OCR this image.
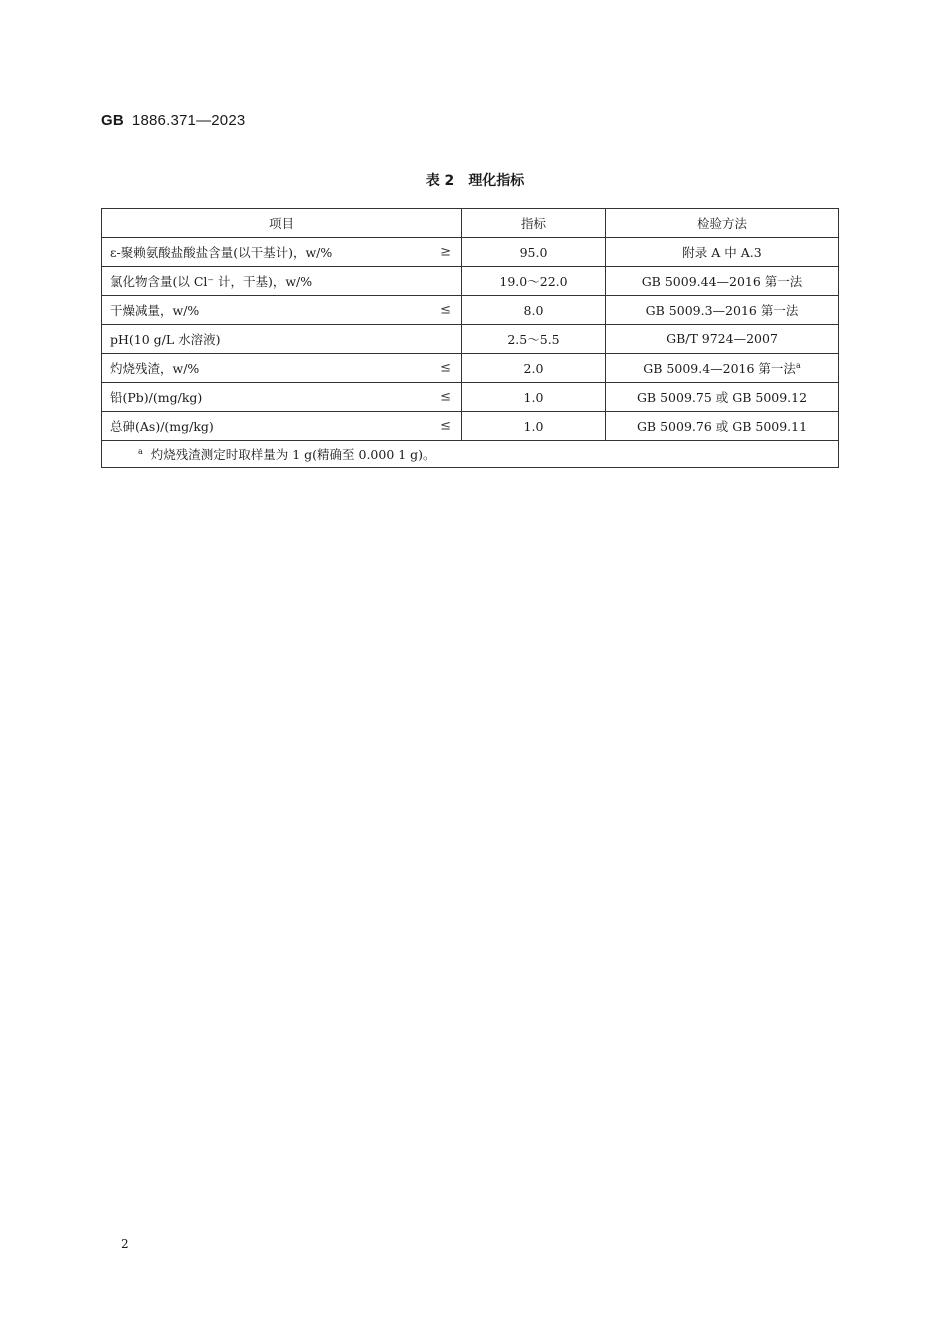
GB 1886.371—2023
表 2 理化指标
项目	指标	检验方法
ε-聚赖氨酸盐酸盐含量(以干基计)，w/% ≥	95.0	附录 A 中 A.3
氯化物含量(以 Cl⁻ 计，干基)，w/%	19.0～22.0	GB 5009.44—2016 第一法
干燥减量，w/% ≤	8.0	GB 5009.3—2016 第一法
pH(10 g/L 水溶液)	2.5～5.5	GB/T 9724—2007
灼烧残渣，w/% ≤	2.0	GB 5009.4—2016 第一法$^a$
铅(Pb)/(mg/kg) ≤	1.0	GB 5009.75 或 GB 5009.12
总砷(As)/(mg/kg) ≤	1.0	GB 5009.76 或 GB 5009.11
$^a$ 灼烧残渣测定时取样量为 1 g(精确至 0.000 1 g)。		
2
